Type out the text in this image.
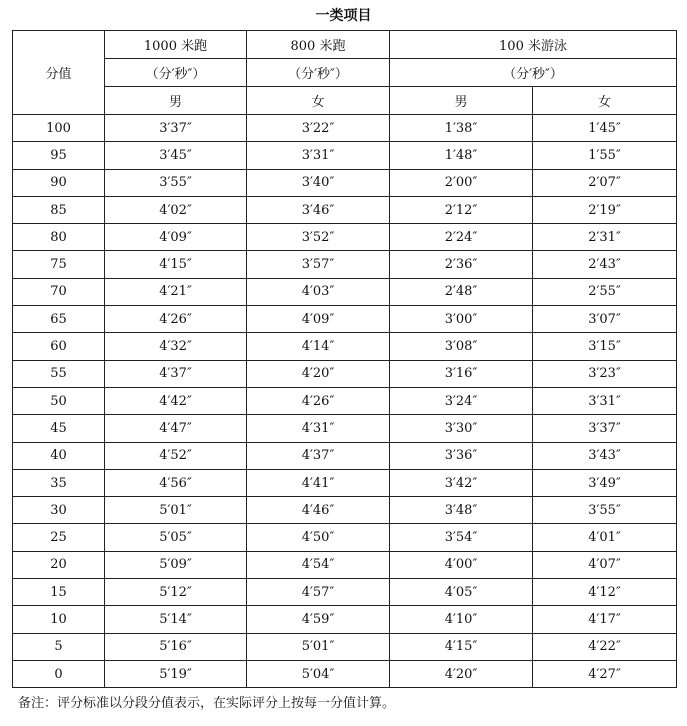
一类项目
分值	1000 米跑	800 米跑	100 米游泳	
	（分′秒″）	（分′秒″）	（分′秒″）	
	男	女	男	女
100	3′37″	3′22″	1′38″	1′45″
95	3′45″	3′31″	1′48″	1′55″
90	3′55″	3′40″	2′00″	2′07″
85	4′02″	3′46″	2′12″	2′19″
80	4′09″	3′52″	2′24″	2′31″
75	4′15″	3′57″	2′36″	2′43″
70	4′21″	4′03″	2′48″	2′55″
65	4′26″	4′09″	3′00″	3′07″
60	4′32″	4′14″	3′08″	3′15″
55	4′37″	4′20″	3′16″	3′23″
50	4′42″	4′26″	3′24″	3′31″
45	4′47″	4′31″	3′30″	3′37″
40	4′52″	4′37″	3′36″	3′43″
35	4′56″	4′41″	3′42″	3′49″
30	5′01″	4′46″	3′48″	3′55″
25	5′05″	4′50″	3′54″	4′01″
20	5′09″	4′54″	4′00″	4′07″
15	5′12″	4′57″	4′05″	4′12″
10	5′14″	4′59″	4′10″	4′17″
5	5′16″	5′01″	4′15″	4′22″
0	5′19″	5′04″	4′20″	4′27″
备注：评分标准以分段分值表示，在实际评分上按每一分值计算。
